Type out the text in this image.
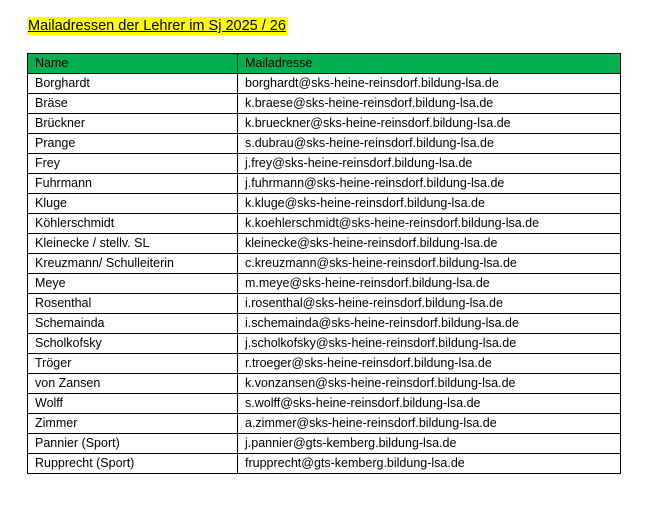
Mailadressen der Lehrer im Sj 2025 / 26
Name	Mailadresse
Borghardt	borghardt@sks-heine-reinsdorf.bildung-lsa.de
Bräse	k.braese@sks-heine-reinsdorf.bildung-lsa.de
Brückner	k.brueckner@sks-heine-reinsdorf.bildung-lsa.de
Prange	s.dubrau@sks-heine-reinsdorf.bildung-lsa.de
Frey	j.frey@sks-heine-reinsdorf.bildung-lsa.de
Fuhrmann	j.fuhrmann@sks-heine-reinsdorf.bildung-lsa.de
Kluge	k.kluge@sks-heine-reinsdorf.bildung-lsa.de
Köhlerschmidt	k.koehlerschmidt@sks-heine-reinsdorf.bildung-lsa.de
Kleinecke / stellv. SL	kleinecke@sks-heine-reinsdorf.bildung-lsa.de
Kreuzmann/ Schulleiterin	c.kreuzmann@sks-heine-reinsdorf.bildung-lsa.de
Meye	m.meye@sks-heine-reinsdorf.bildung-lsa.de
Rosenthal	i.rosenthal@sks-heine-reinsdorf.bildung-lsa.de
Schemainda	i.schemainda@sks-heine-reinsdorf.bildung-lsa.de
Scholkofsky	j.scholkofsky@sks-heine-reinsdorf.bildung-lsa.de
Tröger	r.troeger@sks-heine-reinsdorf.bildung-lsa.de
von Zansen	k.vonzansen@sks-heine-reinsdorf.bildung-lsa.de
Wolff	s.wolff@sks-heine-reinsdorf.bildung-lsa.de
Zimmer	a.zimmer@sks-heine-reinsdorf.bildung-lsa.de
Pannier (Sport)	j.pannier@gts-kemberg.bildung-lsa.de
Rupprecht (Sport)	frupprecht@gts-kemberg.bildung-lsa.de
